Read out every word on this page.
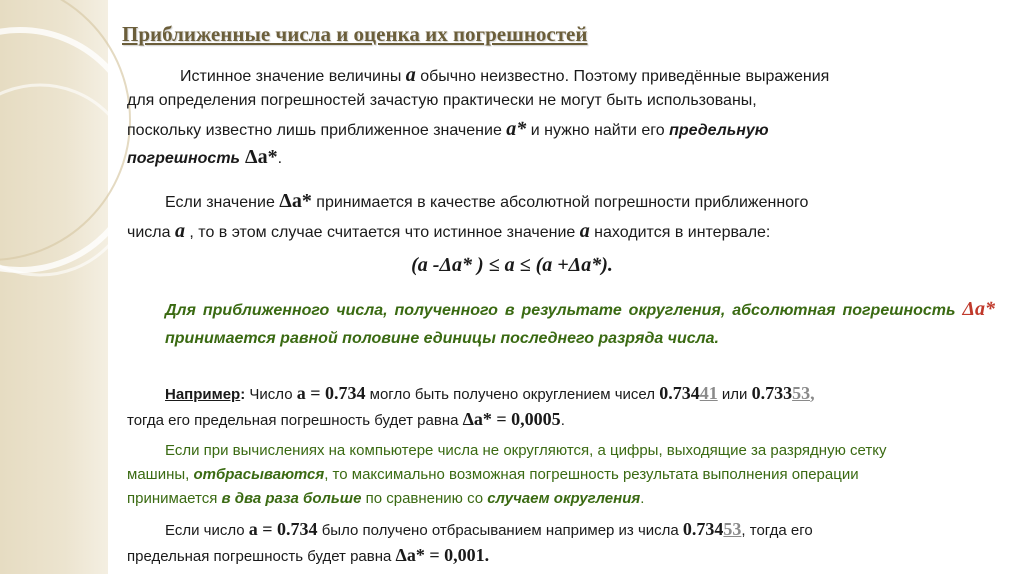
Приближенные числа и оценка их погрешностей
Истинное значение величины a обычно неизвестно. Поэтому приведённые выражения
для определения погрешностей зачастую практически не могут быть использованы,
поскольку известно лишь приближенное значение a* и нужно найти его предельную
погрешность Δa*.
Если значение Δa* принимается в качестве абсолютной погрешности приближенного
числа a , то в этом случае считается что истинное значение a находится в интервале:
(a -Δa* ) ≤ a ≤ (a +Δa*).
Для приближенного числа, полученного в результате округления, абсолютная погрешность Δa* принимается равной половине единицы последнего разряда числа.
Например: Число a = 0.734 могло быть получено округлением чисел 0.73441 или 0.73353,
тогда его предельная погрешность будет равна Δa* = 0,0005.
Если при вычислениях на компьютере числа не округляются, а цифры, выходящие за разрядную сетку
машины, отбрасываются, то максимально возможная погрешность результата выполнения операции
принимается в два раза больше по сравнению со случаем округления.
Если число a = 0.734 было получено отбрасыванием например из числа 0.73453, тогда его
предельная погрешность будет равна Δa* = 0,001.
